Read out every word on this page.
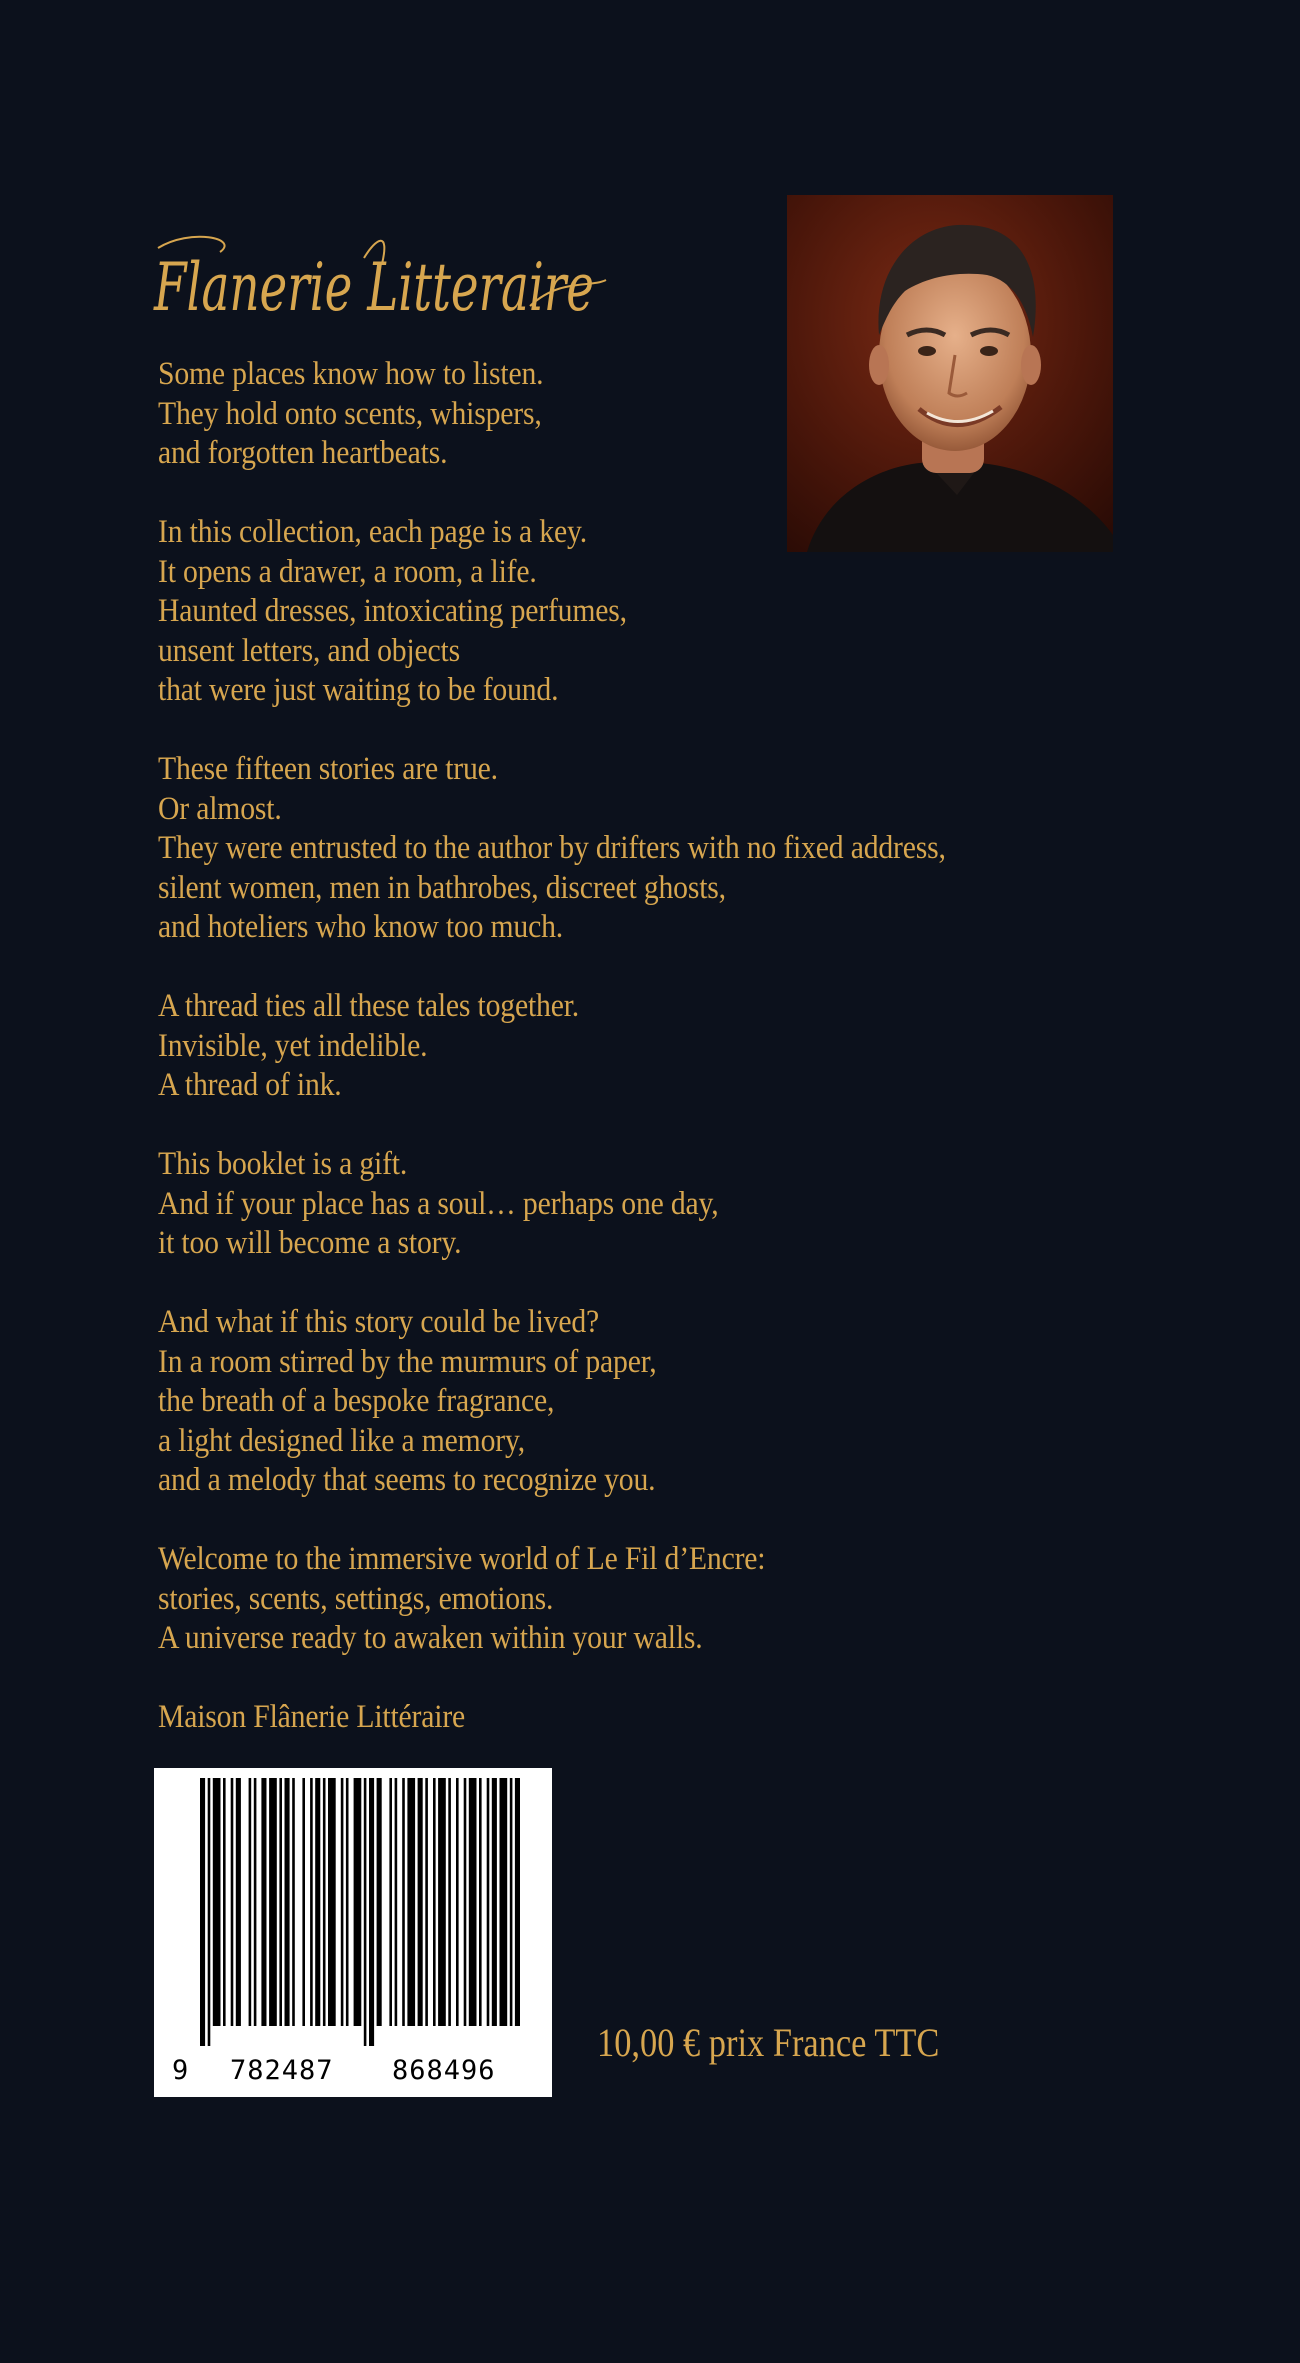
Flanerie Litteraire
Some places know how to listen.
They hold onto scents, whispers,
and forgotten heartbeats.
In this collection, each page is a key.
It opens a drawer, a room, a life.
Haunted dresses, intoxicating perfumes,
unsent letters, and objects
that were just waiting to be found.
These fifteen stories are true.
Or almost.
They were entrusted to the author by drifters with no fixed address,
silent women, men in bathrobes, discreet ghosts,
and hoteliers who know too much.
A thread ties all these tales together.
Invisible, yet indelible.
A thread of ink.
This booklet is a gift.
And if your place has a soul… perhaps one day,
it too will become a story.
And what if this story could be lived?
In a room stirred by the murmurs of paper,
the breath of a bespoke fragrance,
a light designed like a memory,
and a melody that seems to recognize you.
Welcome to the immersive world of Le Fil d’Encre:
stories, scents, settings, emotions.
A universe ready to awaken within your walls.
Maison Flânerie Littéraire
9 782487 868496
10,00 € prix France TTC
